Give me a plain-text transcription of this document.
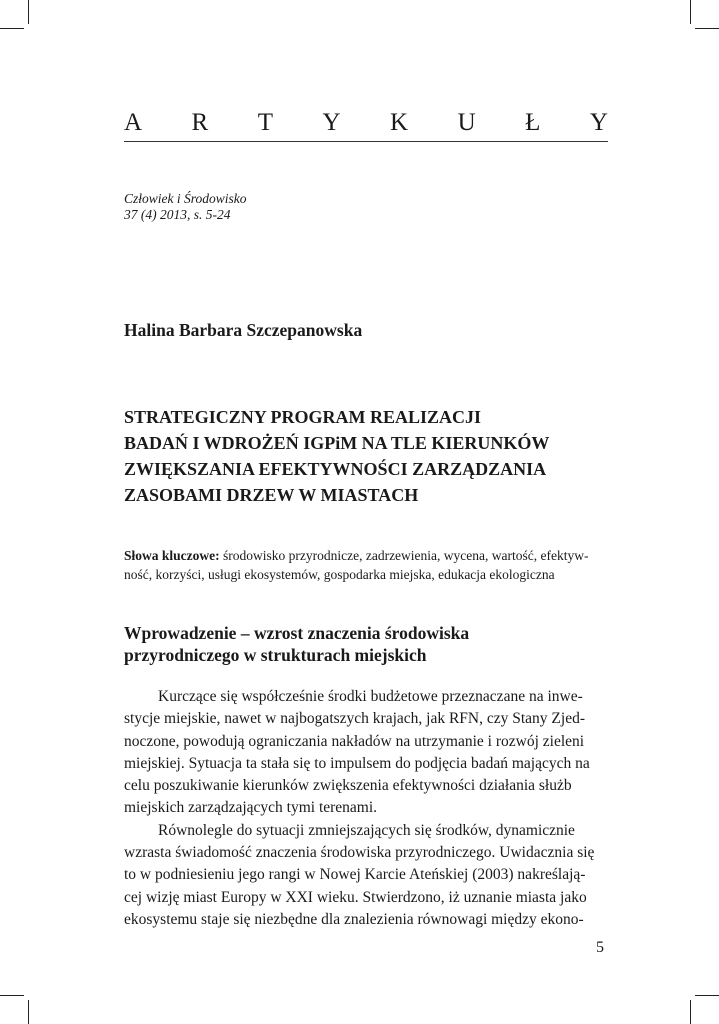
A R T Y K U Ł Y
Człowiek i Środowisko
37 (4) 2013, s. 5-24
Halina Barbara Szczepanowska
STRATEGICZNY PROGRAM REALIZACJI
BADAŃ I WDROŻEŃ IGPiM NA TLE KIERUNKÓW
ZWIĘKSZANIA EFEKTYWNOŚCI ZARZĄDZANIA
ZASOBAMI DRZEW W MIASTACH
Słowa kluczowe: środowisko przyrodnicze, zadrzewienia, wycena, wartość, efektyw-
ność, korzyści, usługi ekosystemów, gospodarka miejska, edukacja ekologiczna
Wprowadzenie – wzrost znaczenia środowiska
przyrodniczego w strukturach miejskich
Kurczące się współcześnie środki budżetowe przeznaczane na inwe-
stycje miejskie, nawet w najbogatszych krajach, jak RFN, czy Stany Zjed-
noczone, powodują ograniczania nakładów na utrzymanie i rozwój zieleni
miejskiej. Sytuacja ta stała się to impulsem do podjęcia badań mających na
celu poszukiwanie kierunków zwiększenia efektywności działania służb
miejskich zarządzających tymi terenami.
Równolegle do sytuacji zmniejszających się środków, dynamicznie
wzrasta świadomość znaczenia środowiska przyrodniczego. Uwidacznia się
to w podniesieniu jego rangi w Nowej Karcie Ateńskiej (2003) nakreślają-
cej wizję miast Europy w XXI wieku. Stwierdzono, iż uznanie miasta jako
ekosystemu staje się niezbędne dla znalezienia równowagi między ekono-
5
